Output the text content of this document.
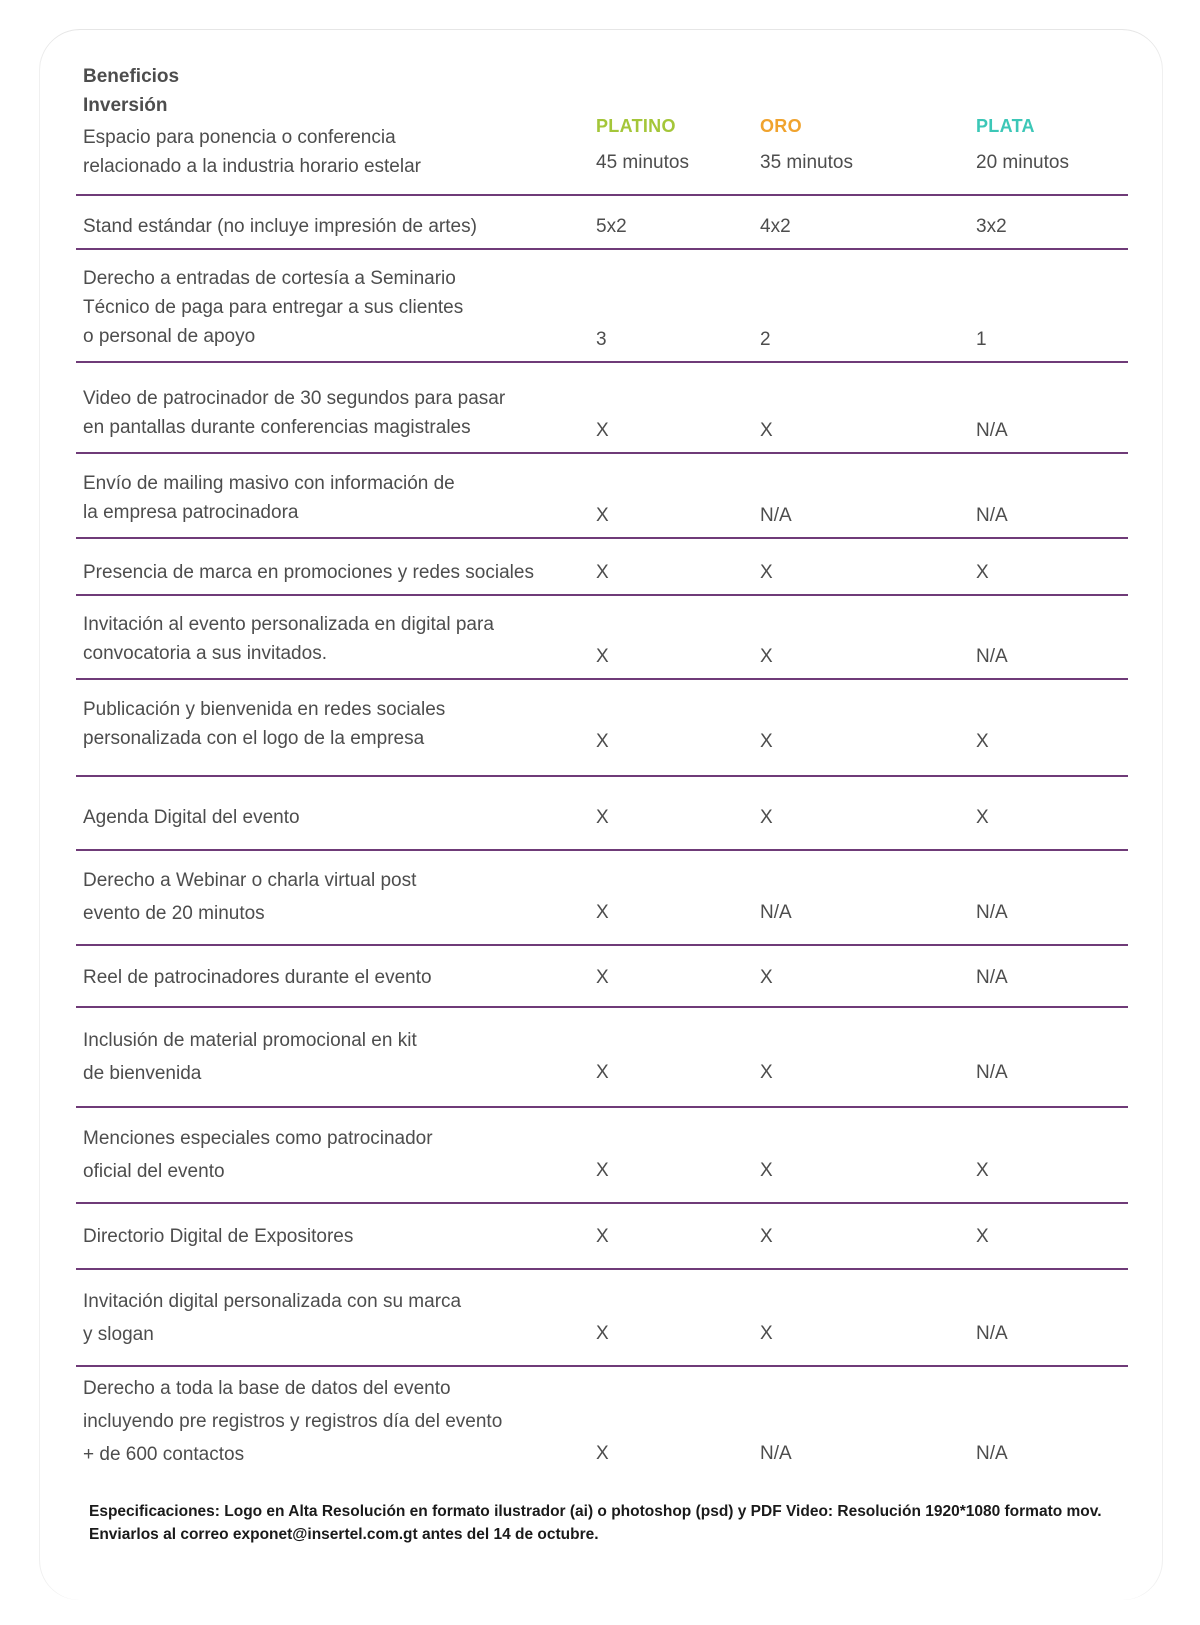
Beneficios
Inversión
Espacio para ponencia o conferencia
relacionado a la industria horario estelar
PLATINO	ORO	PLATA
45 minutos	35 minutos	20 minutos
Stand estándar (no incluye impresión de artes)	5x2	4x2	3x2
Derecho a entradas de cortesía a Seminario
Técnico de paga para entregar a sus clientes
o personal de apoyo	3	2	1
Video de patrocinador de 30 segundos para pasar
en pantallas durante conferencias magistrales	X	X	N/A
Envío de mailing masivo con información de
la empresa patrocinadora	X	N/A	N/A
Presencia de marca en promociones y redes sociales	X	X	X
Invitación al evento personalizada en digital para
convocatoria a sus invitados.	X	X	N/A
Publicación y bienvenida en redes sociales
personalizada con el logo de la empresa	X	X	X
Agenda Digital del evento	X	X	X
Derecho a Webinar o charla virtual post
evento de 20 minutos	X	N/A	N/A
Reel de patrocinadores durante el evento	X	X	N/A
Inclusión de material promocional en kit
de bienvenida	X	X	N/A
Menciones especiales como patrocinador
oficial del evento	X	X	X
Directorio Digital de Expositores	X	X	X
Invitación digital personalizada con su marca
y slogan	X	X	N/A
Derecho a toda la base de datos del evento
incluyendo pre registros y registros día del evento
+ de 600 contactos	X	N/A	N/A
Especificaciones: Logo en Alta Resolución en formato ilustrador (ai) o photoshop (psd) y PDF Video: Resolución 1920*1080 formato mov. Enviarlos al correo exponet@insertel.com.gt antes del 14 de octubre.
